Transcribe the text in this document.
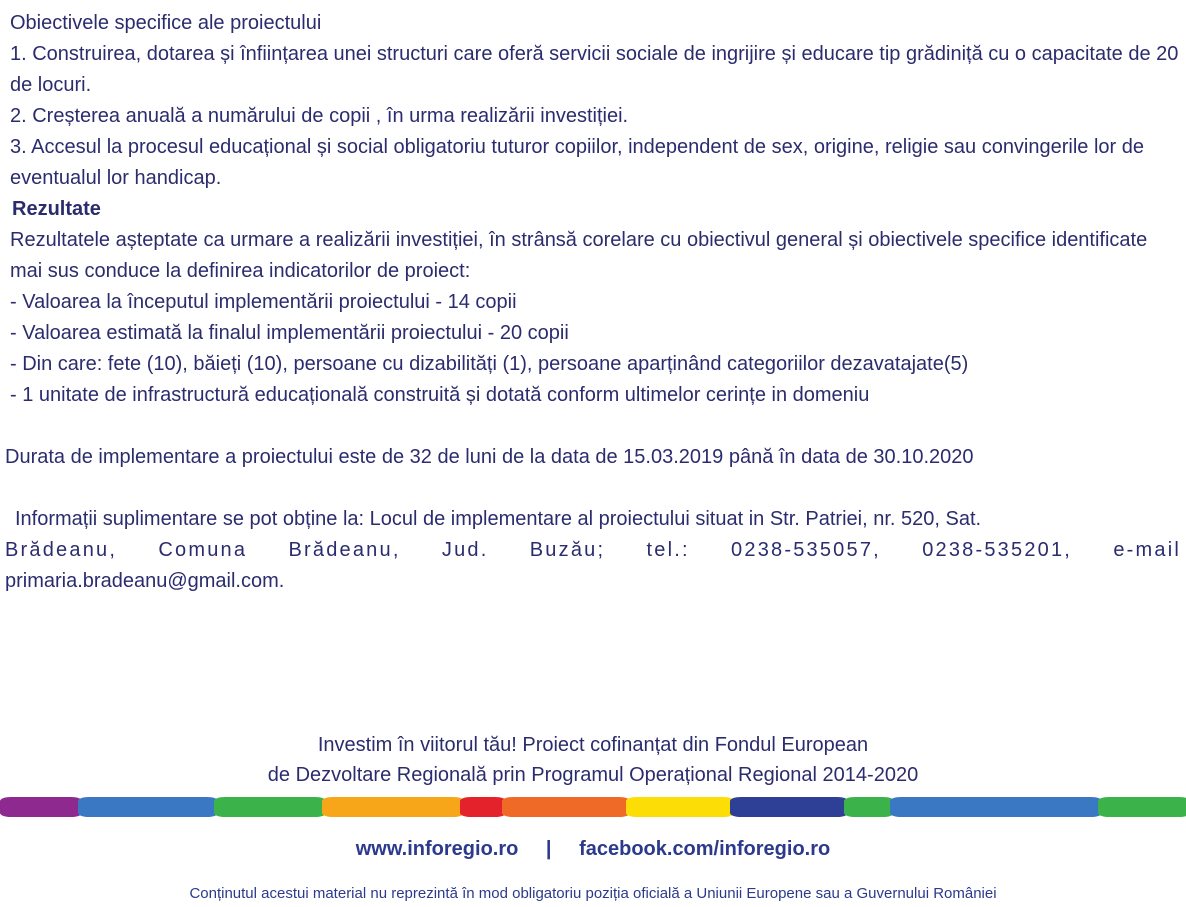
Obiectivele specifice ale proiectului

1. Construirea, dotarea și înființarea unei structuri care oferă servicii sociale de ingrijire și educare tip grădiniță cu o capacitate de 20 de locuri.

2. Creșterea anuală a numărului de copii , în urma realizării investiției.

3. Accesul la procesul educațional și social obligatoriu tuturor copiilor, independent de sex, origine, religie sau convingerile lor de eventualul lor handicap.

Rezultate

Rezultatele așteptate ca urmare a realizării investiției, în strânsă corelare cu obiectivul general și obiectivele specifice identificate mai sus conduce la definirea indicatorilor de proiect:

- Valoarea la începutul implementării proiectului - 14 copii

- Valoarea estimată la finalul implementării proiectului - 20 copii

- Din care: fete (10), băieți (10), persoane cu dizabilități (1), persoane aparținând categoriilor dezavatajate(5)

- 1 unitate de infrastructură educațională construită și dotată conform ultimelor cerințe in domeniu

Durata de implementare a proiectului este de 32 de luni de la data de 15.03.2019 până în data de 30.10.2020

Informații suplimentare se pot obține la: Locul de implementare al proiectului situat in Str. Patriei, nr. 520, Sat.
Brădeanu, Comuna Brădeanu, Jud. Buzău; tel.: 0238-535057, 0238-535201, e-mail
primaria.bradeanu@gmail.com.

Investim în viitorul tău! Proiect cofinanțat din Fondul European

de Dezvoltare Regională prin Programul Operațional Regional 2014-2020

www.inforegio.ro | facebook.com/inforegio.ro
Conținutul acestui material nu reprezintă în mod obligatoriu poziția oficială a Uniunii Europene sau a Guvernului României
